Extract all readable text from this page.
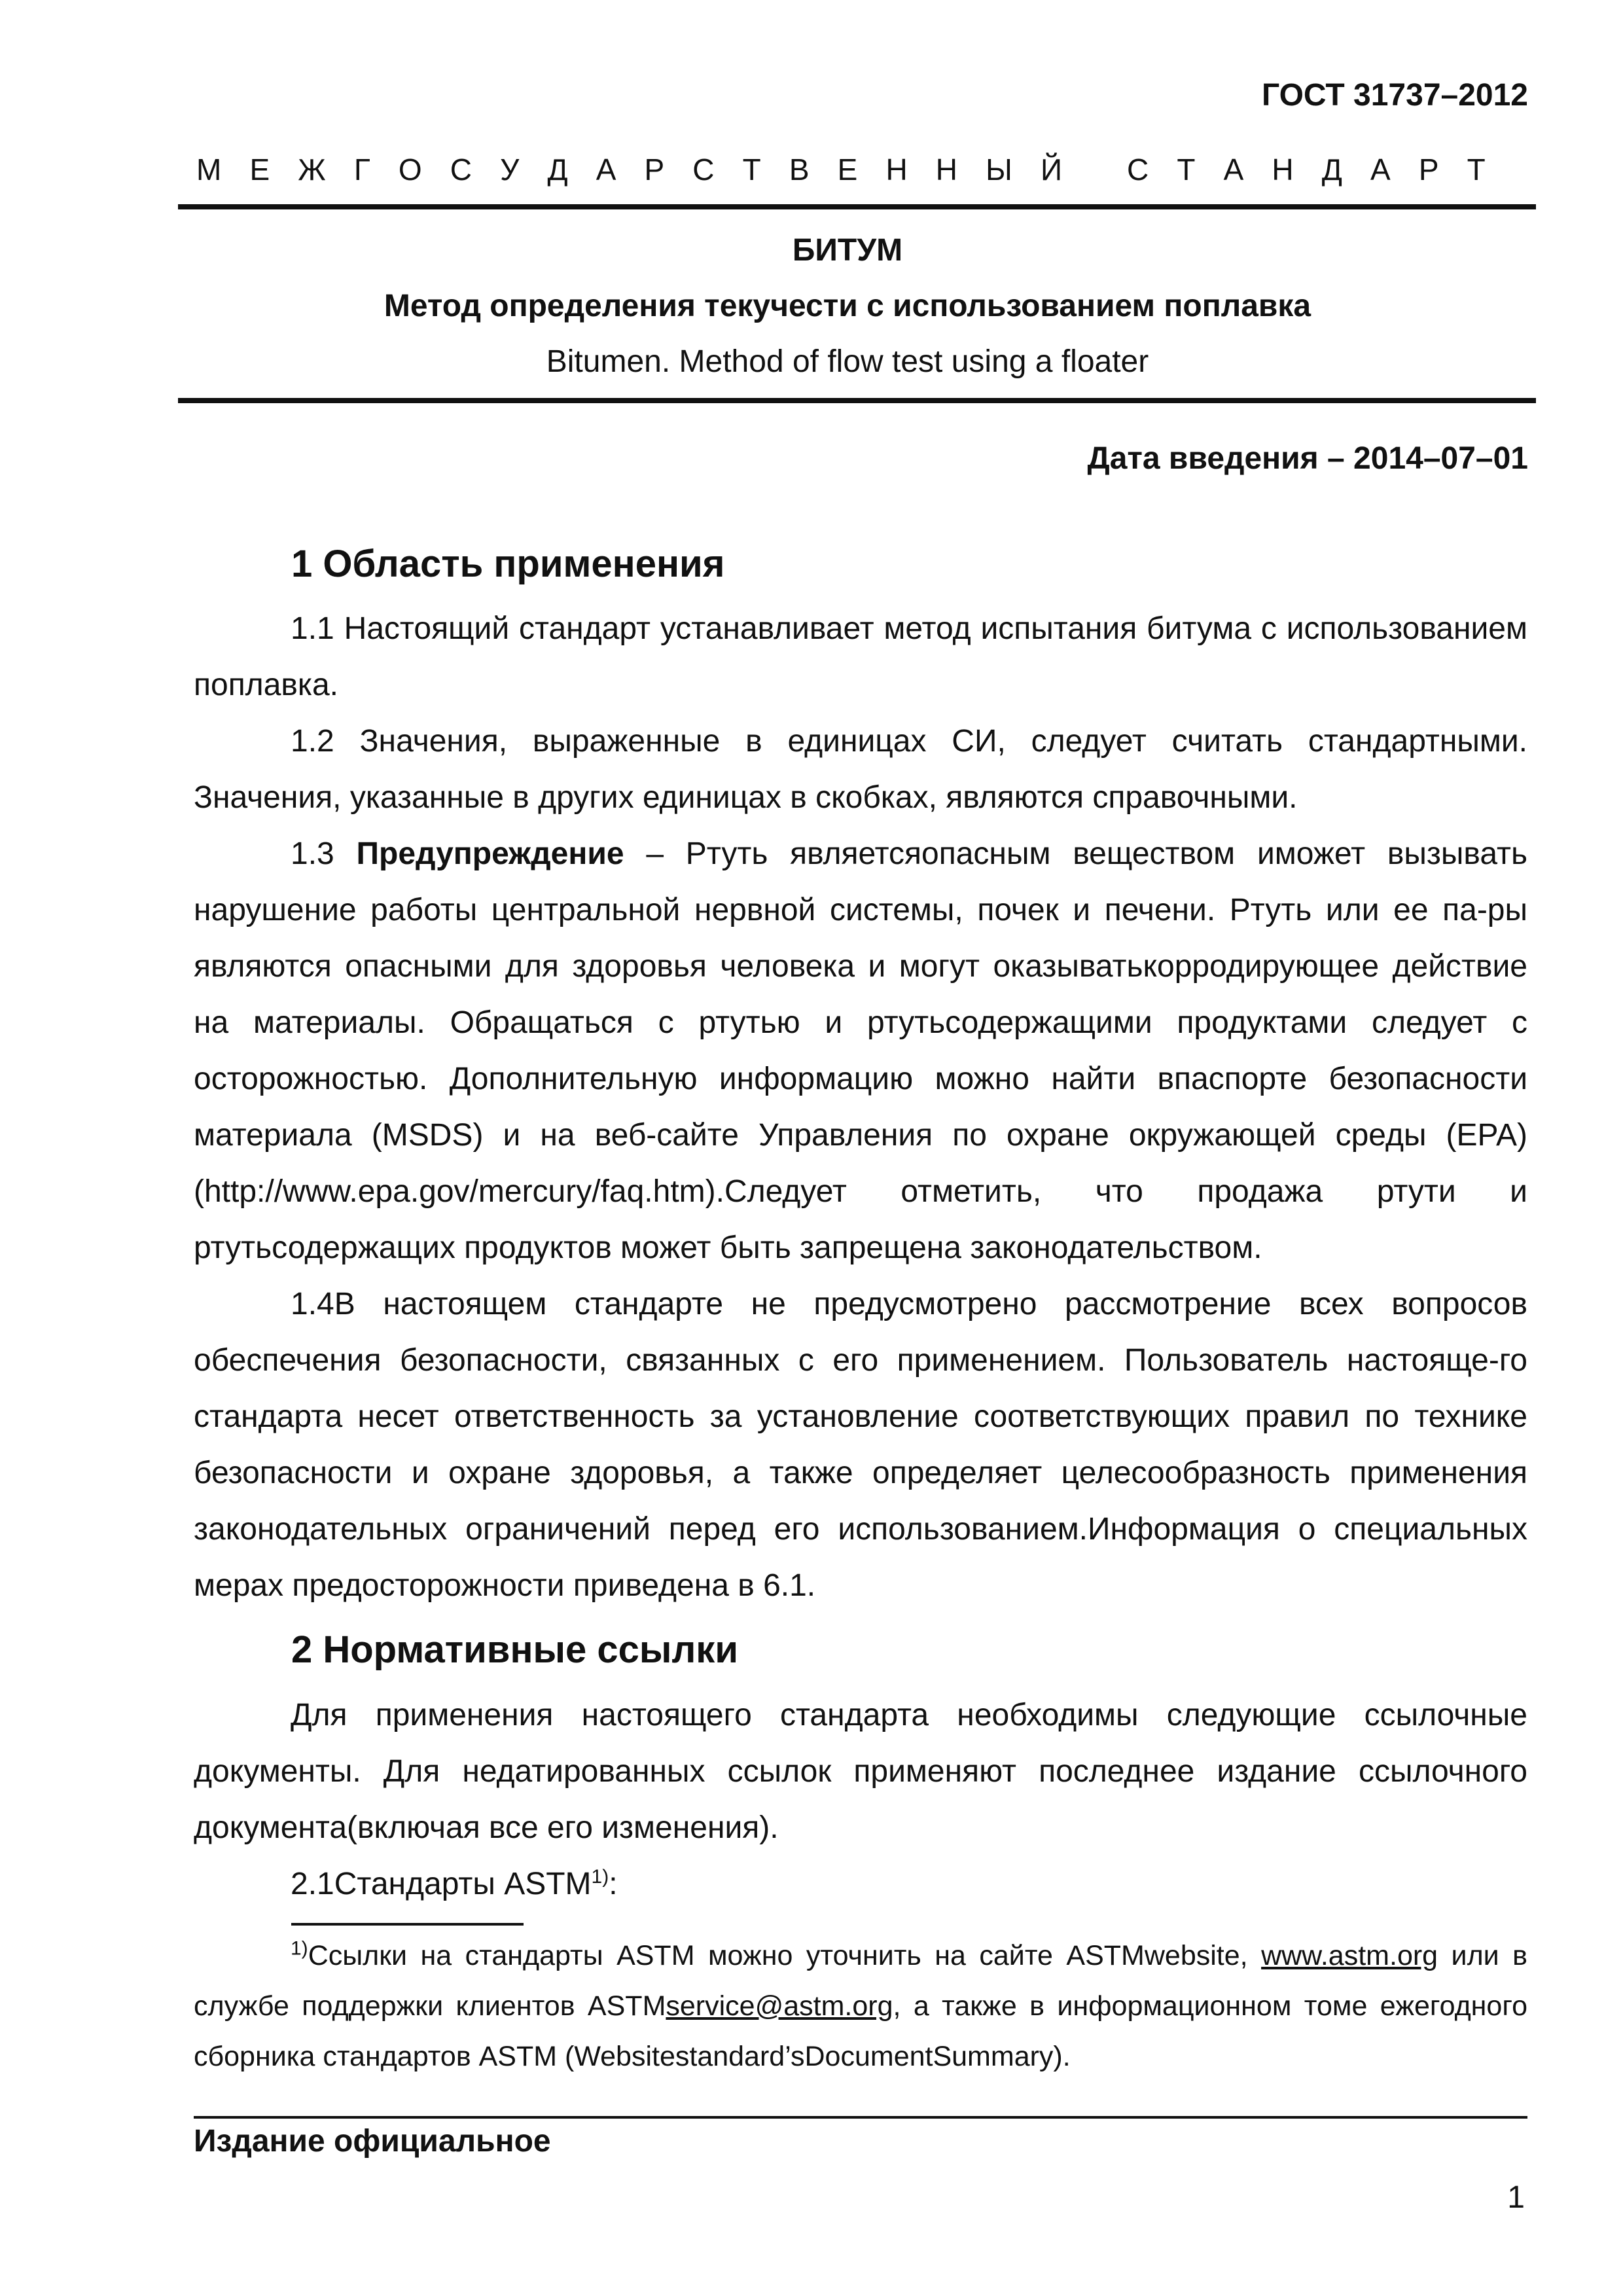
ГОСТ 31737–2012
М Е Ж Г О С У Д А Р С Т В Е Н Н Ы Й
С Т А Н Д А Р Т
БИТУМ
Метод определения текучести с использованием поплавка
Bitumen. Method of flow test using a floater
Дата введения – 2014–07–01
1 Область применения
1.1 Настоящий стандарт устанавливает метод испытания битума с использованием поплавка.
1.2 Значения, выраженные в единицах СИ, следует считать стандартными. Значения, указанные в других единицах в скобках, являются справочными.
1.3 Предупреждение – Ртуть являетсяопасным веществом иможет вызывать нарушение работы центральной нервной системы, почек и печени. Ртуть или ее па-ры являются опасными для здоровья человека и могут оказыватькорродирующее действие на материалы. Обращаться с ртутью и ртутьсодержащими продуктами следует с осторожностью. Дополнительную информацию можно найти впаспорте безопасности материала (MSDS) и на веб-сайте Управления по охране окружающей среды (EPA) (http://www.epa.gov/mercury/faq.htm).Следует отметить, что продажа ртути и ртутьсодержащих продуктов может быть запрещена законодательством.
1.4В настоящем стандарте не предусмотрено рассмотрение всех вопросов обеспечения безопасности, связанных с его применением. Пользователь настояще-го стандарта несет ответственность за установление соответствующих правил по технике безопасности и охране здоровья, а также определяет целесообразность применения законодательных ограничений перед его использованием.Информация о специальных мерах предосторожности приведена в 6.1.
2 Нормативные ссылки
Для применения настоящего стандарта необходимы следующие ссылочные документы. Для недатированных ссылок применяют последнее издание ссылочного документа(включая все его изменения).
2.1Стандарты ASTM$^{1)}$:
$^{1)}$Ссылки на стандарты ASTM можно уточнить на сайте ASTMwebsite, www.astm.org или в службе поддержки клиентов ASTMservice@astm.org, а также в информационном томе ежегодного сборника стандартов ASTM (Websitestandard’sDocumentSummary).
Издание официальное
1
